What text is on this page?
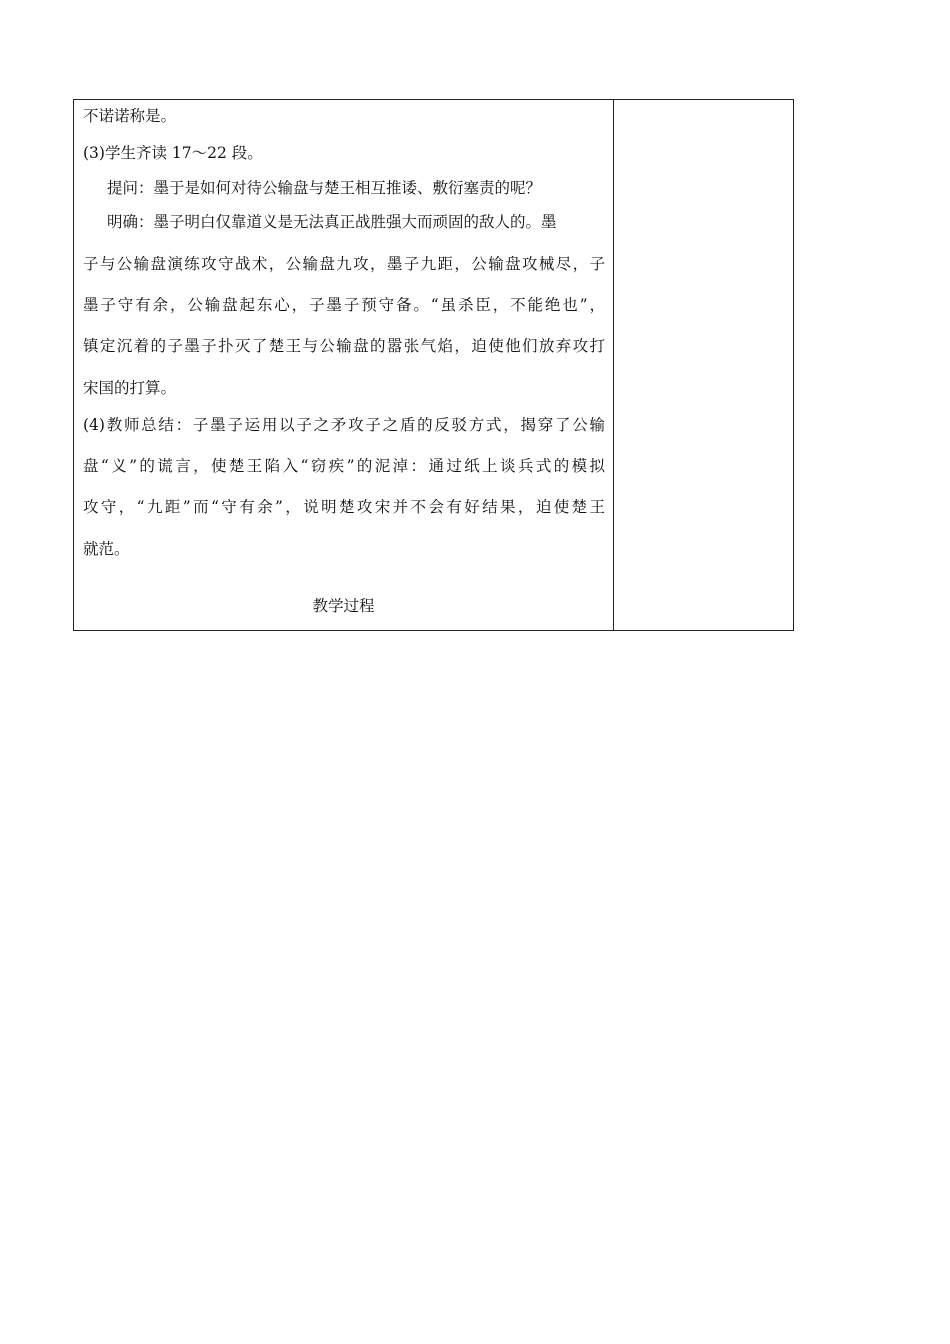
不诺诺称是。

(3)学生齐读 17～22 段。

提问：墨于是如何对待公输盘与楚王相互推诿、敷衍塞责的呢？

明确：墨子明白仅靠道义是无法真正战胜强大而顽固的敌人的。墨

子与公输盘演练攻守战术，公输盘九攻，墨子九距，公输盘攻械尽，子

墨子守有余，公输盘起东心，子墨子预守备。“虽杀臣，不能绝也”，

镇定沉着的子墨子扑灭了楚王与公输盘的嚣张气焰，迫使他们放弃攻打

宋国的打算。

(4)教师总结：子墨子运用以子之矛攻子之盾的反驳方式，揭穿了公输

盘“义”的谎言，使楚王陷入“窃疾”的泥淖：通过纸上谈兵式的模拟

攻守，“九距”而“守有余”，说明楚攻宋并不会有好结果，迫使楚王

就范。

教学过程
